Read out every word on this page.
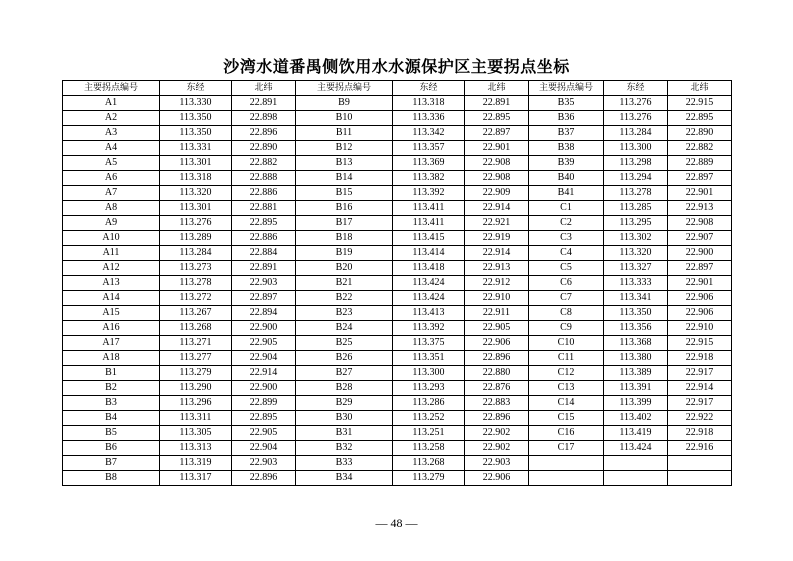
沙湾水道番禺侧饮用水水源保护区主要拐点坐标
主要拐点编号	东经	北纬	主要拐点编号	东经	北纬	主要拐点编号	东经	北纬
A1	113.330	22.891	B9	113.318	22.891	B35	113.276	22.915
A2	113.350	22.898	B10	113.336	22.895	B36	113.276	22.895
A3	113.350	22.896	B11	113.342	22.897	B37	113.284	22.890
A4	113.331	22.890	B12	113.357	22.901	B38	113.300	22.882
A5	113.301	22.882	B13	113.369	22.908	B39	113.298	22.889
A6	113.318	22.888	B14	113.382	22.908	B40	113.294	22.897
A7	113.320	22.886	B15	113.392	22.909	B41	113.278	22.901
A8	113.301	22.881	B16	113.411	22.914	C1	113.285	22.913
A9	113.276	22.895	B17	113.411	22.921	C2	113.295	22.908
A10	113.289	22.886	B18	113.415	22.919	C3	113.302	22.907
A11	113.284	22.884	B19	113.414	22.914	C4	113.320	22.900
A12	113.273	22.891	B20	113.418	22.913	C5	113.327	22.897
A13	113.278	22.903	B21	113.424	22.912	C6	113.333	22.901
A14	113.272	22.897	B22	113.424	22.910	C7	113.341	22.906
A15	113.267	22.894	B23	113.413	22.911	C8	113.350	22.906
A16	113.268	22.900	B24	113.392	22.905	C9	113.356	22.910
A17	113.271	22.905	B25	113.375	22.906	C10	113.368	22.915
A18	113.277	22.904	B26	113.351	22.896	C11	113.380	22.918
B1	113.279	22.914	B27	113.300	22.880	C12	113.389	22.917
B2	113.290	22.900	B28	113.293	22.876	C13	113.391	22.914
B3	113.296	22.899	B29	113.286	22.883	C14	113.399	22.917
B4	113.311	22.895	B30	113.252	22.896	C15	113.402	22.922
B5	113.305	22.905	B31	113.251	22.902	C16	113.419	22.918
B6	113.313	22.904	B32	113.258	22.902	C17	113.424	22.916
B7	113.319	22.903	B33	113.268	22.903			
B8	113.317	22.896	B34	113.279	22.906			
— 48 —
